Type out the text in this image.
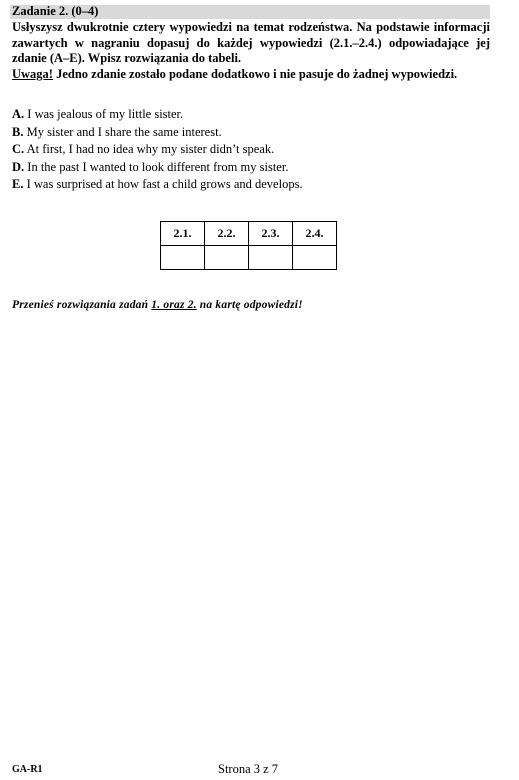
Zadanie 2. (0–4)
Usłyszysz dwukrotnie cztery wypowiedzi na temat rodzeństwa. Na podstawie informacji zawartych w nagraniu dopasuj do każdej wypowiedzi (2.1.–2.4.) odpowiadające jej zdanie (A–E). Wpisz rozwiązania do tabeli.
Uwaga! Jedno zdanie zostało podane dodatkowo i nie pasuje do żadnej wypowiedzi.
A. I was jealous of my little sister.
B. My sister and I share the same interest.
C. At first, I had no idea why my sister didn’t speak.
D. In the past I wanted to look different from my sister.
E. I was surprised at how fast a child grows and develops.
2.1.	2.2.	2.3.	2.4.

Przenieś rozwiązania zadań 1. oraz 2. na kartę odpowiedzi!
GA-R1	Strona 3 z 7
